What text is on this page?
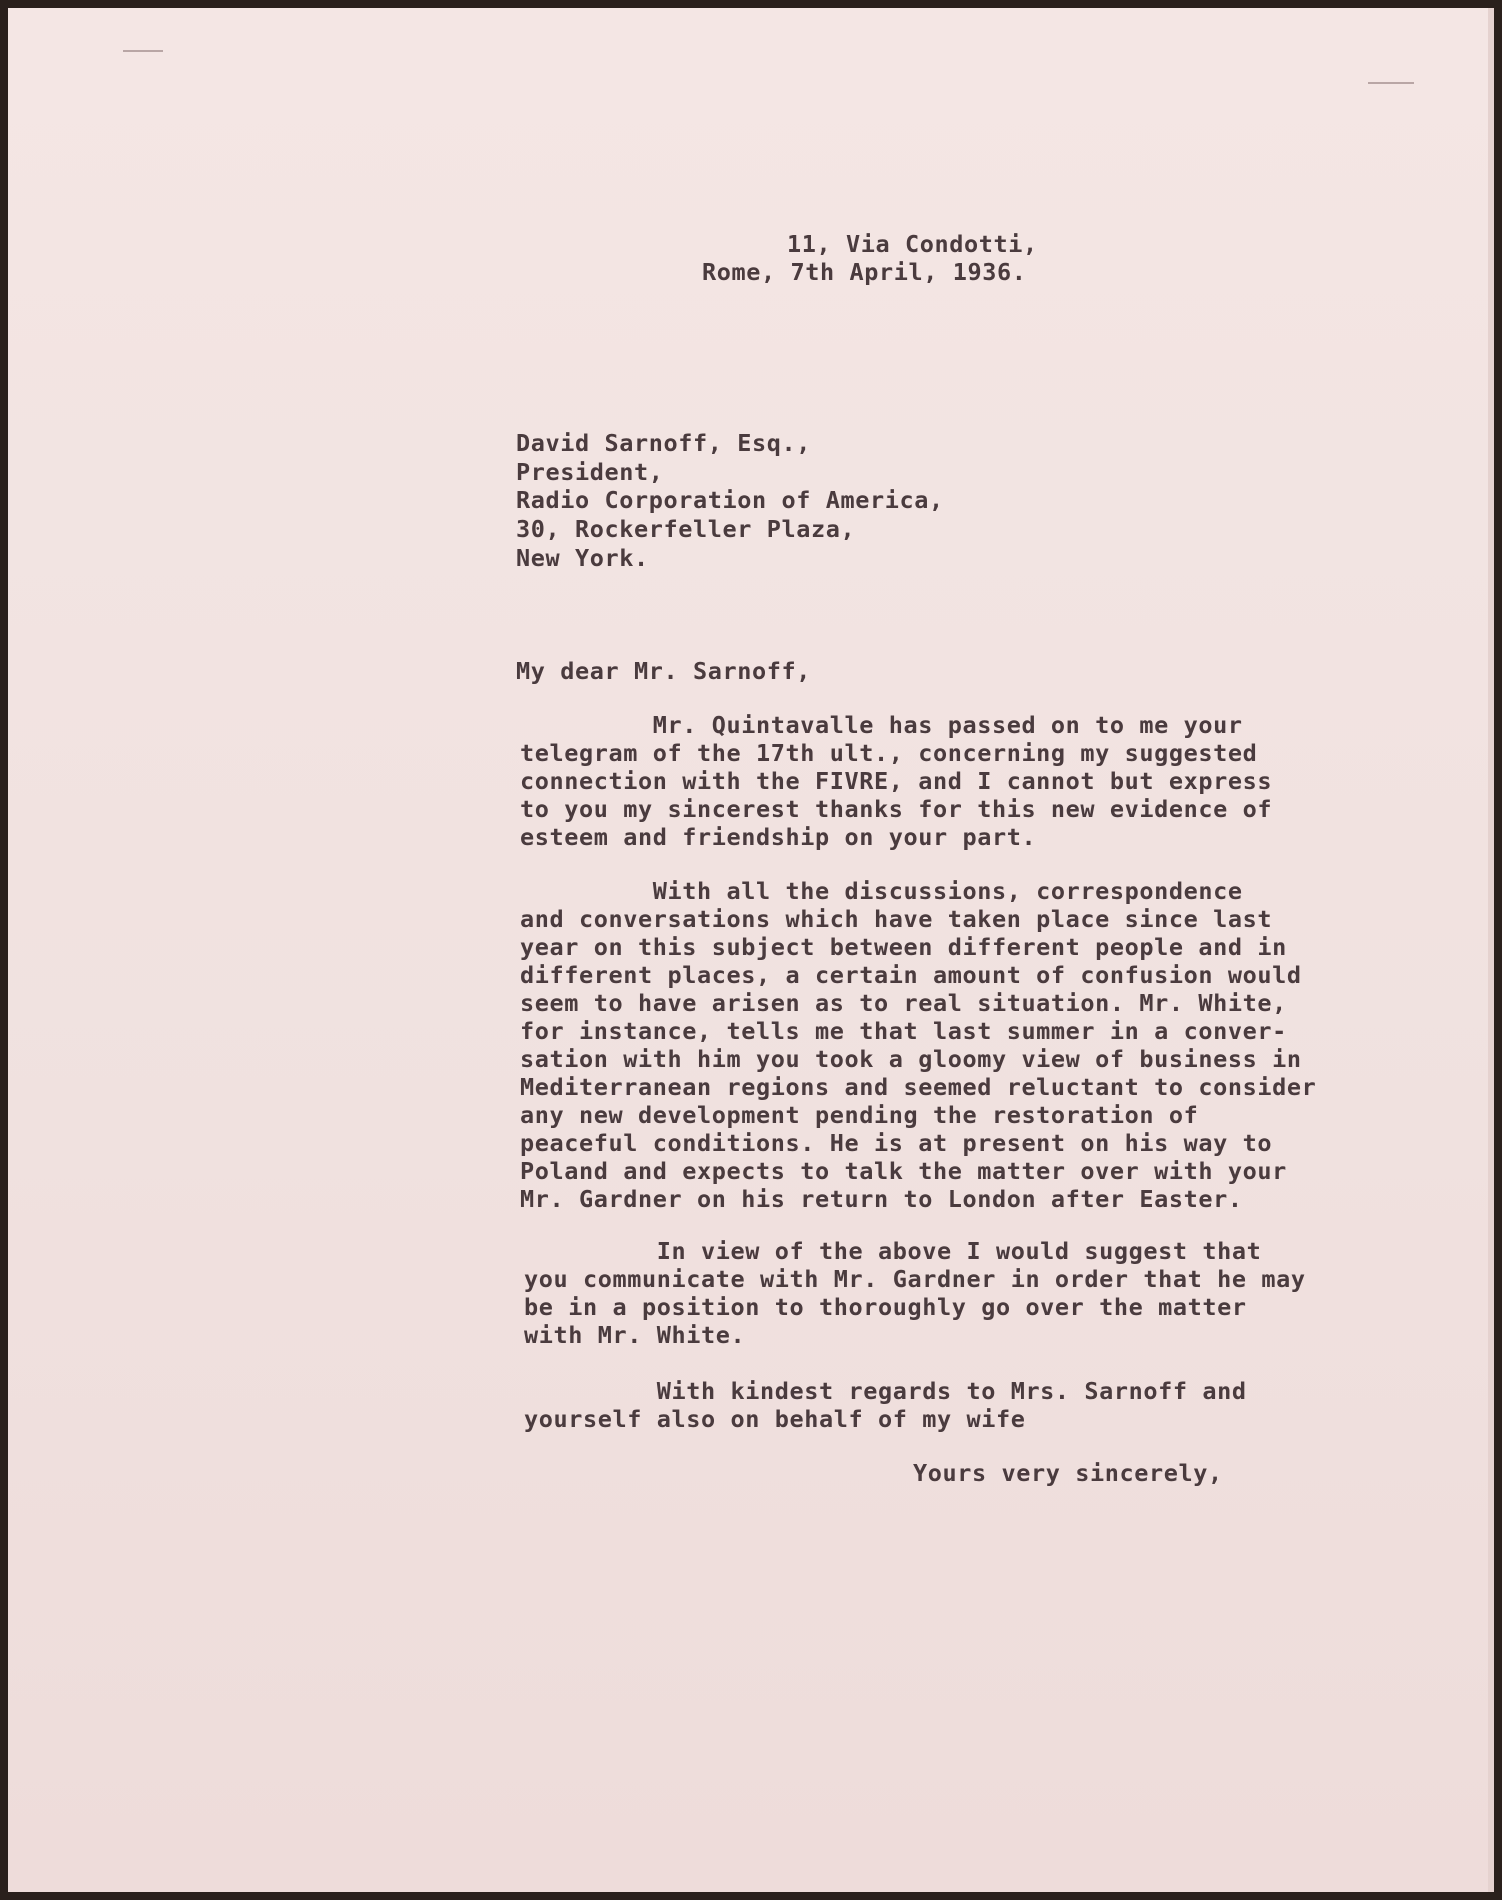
11, Via Condotti,
Rome, 7th April, 1936.
David Sarnoff, Esq.,
President,
Radio Corporation of America,
30, Rockerfeller Plaza,
New York.
My dear Mr. Sarnoff,
Mr. Quintavalle has passed on to me your
telegram of the 17th ult., concerning my suggested
connection with the FIVRE, and I cannot but express
to you my sincerest thanks for this new evidence of
esteem and friendship on your part.
With all the discussions, correspondence
and conversations which have taken place since last
year on this subject between different people and in
different places, a certain amount of confusion would
seem to have arisen as to real situation. Mr. White,
for instance, tells me that last summer in a conver-
sation with him you took a gloomy view of business in
Mediterranean regions and seemed reluctant to consider
any new development pending the restoration of
peaceful conditions. He is at present on his way to
Poland and expects to talk the matter over with your
Mr. Gardner on his return to London after Easter.
In view of the above I would suggest that
you communicate with Mr. Gardner in order that he may
be in a position to thoroughly go over the matter
with Mr. White.
With kindest regards to Mrs. Sarnoff and
yourself also on behalf of my wife
Yours very sincerely,
